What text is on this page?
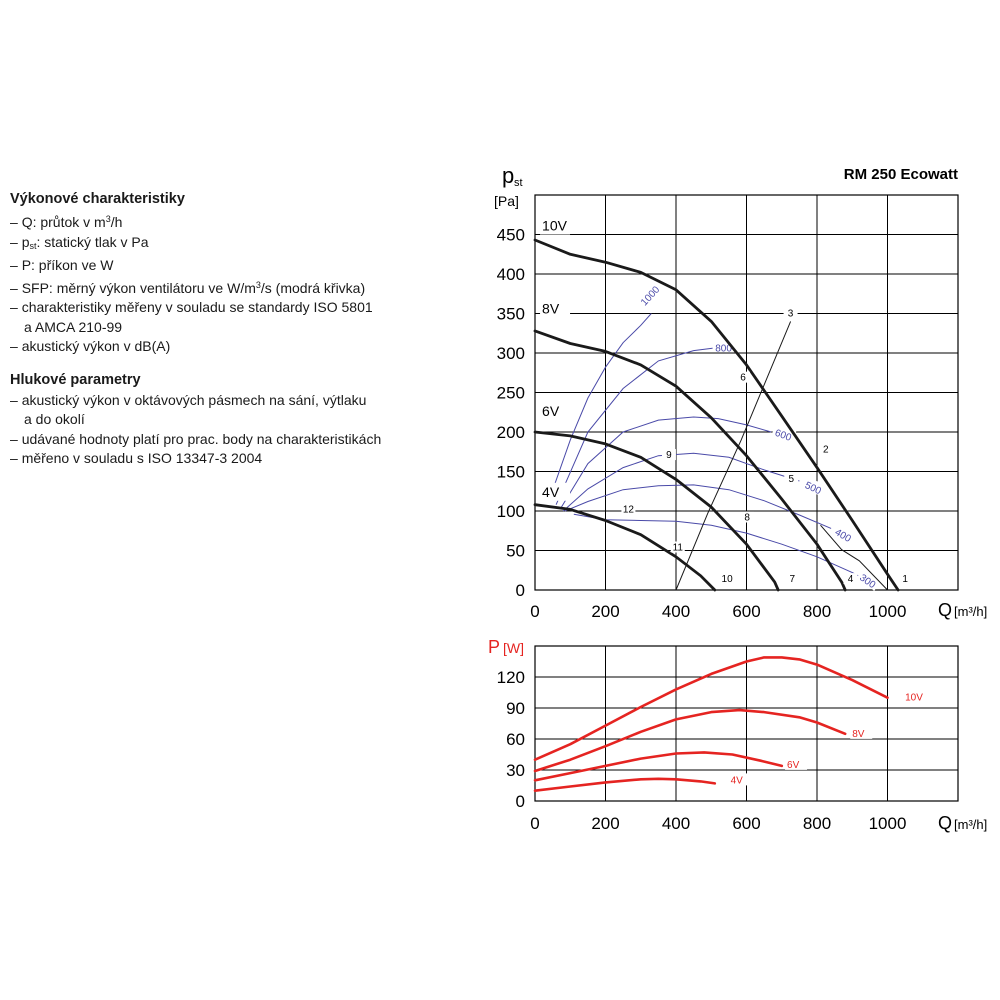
Výkonové charakteristiky
– Q: průtok v $m^3/h$
– $p_{st}$: statický tlak v Pa
– P: příkon ve W
– SFP: měrný výkon ventilátoru ve $W/m^3/s$ (modrá křivka)
– charakteristiky měřeny v souladu se standardy ISO 5801
a AMCA 210-99
– akustický výkon v dB(A)
Hlukové parametry
– akustický výkon v oktávových pásmech na sání, výtlaku
a do okolí
– udávané hodnoty platí pro prac. body na charakteristikách
– měřeno v souladu s ISO 13347-3 2004
0
50
100
150
200
250
300
350
400
450
0	200 400 600 800 1000
p st
[Pa]
Q [m³/h]
RM 250 Ecowatt
1000
800
600
500
400
300
10V
8V
6V
4V
1
2
3
4
5
6
7
8
9
10
11
12
0
30
60
90
120
0	200 400 600 800 1000
P [W]
Q [m³/h]
10V
8V
6V
4V
